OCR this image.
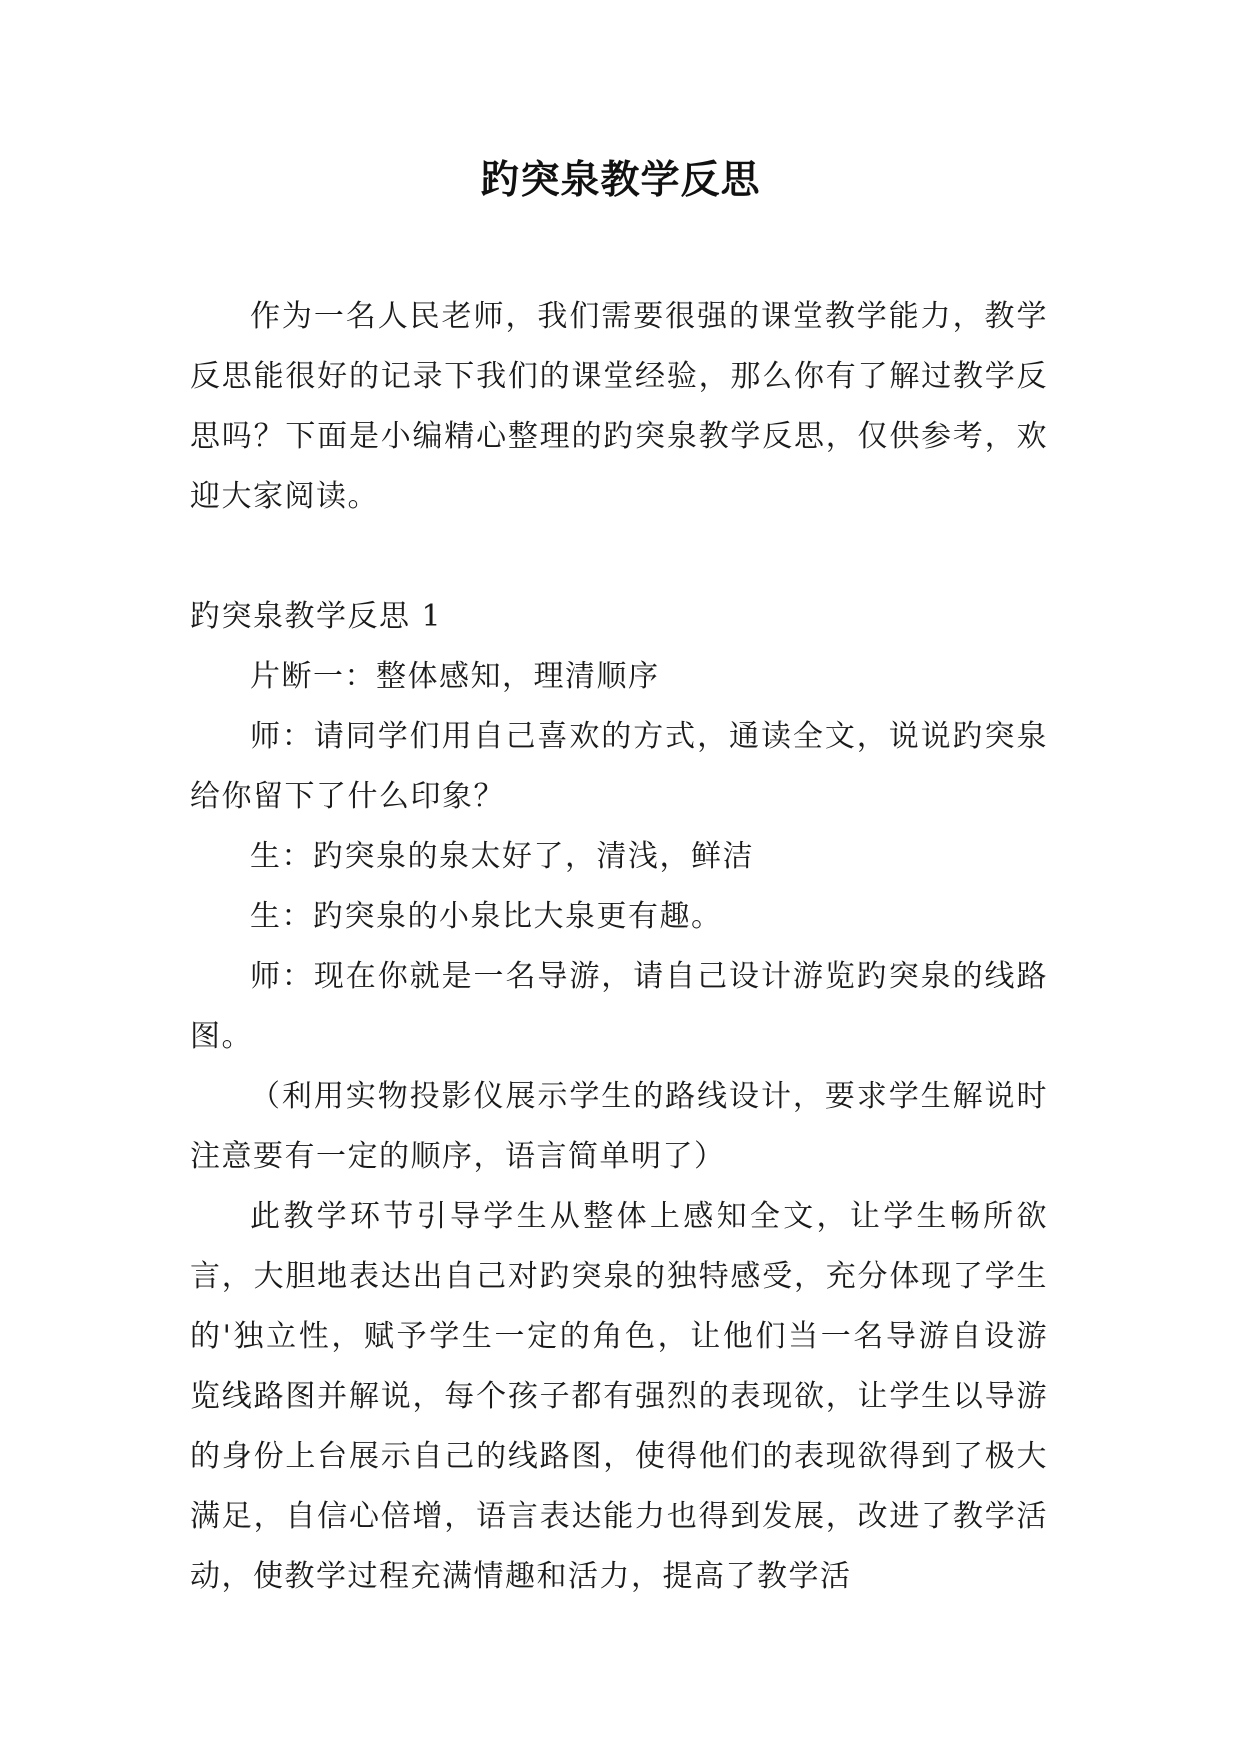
趵突泉教学反思

作为一名人民老师，我们需要很强的课堂教学能力，教学反思能很好的记录下我们的课堂经验，那么你有了解过教学反思吗？下面是小编精心整理的趵突泉教学反思，仅供参考，欢迎大家阅读。

趵突泉教学反思 1

片断一：整体感知，理清顺序

师：请同学们用自己喜欢的方式，通读全文，说说趵突泉给你留下了什么印象？

生：趵突泉的泉太好了，清浅，鲜洁

生：趵突泉的小泉比大泉更有趣。

师：现在你就是一名导游，请自己设计游览趵突泉的线路图。

（利用实物投影仪展示学生的路线设计，要求学生解说时注意要有一定的顺序，语言简单明了）

此教学环节引导学生从整体上感知全文，让学生畅所欲言，大胆地表达出自己对趵突泉的独特感受，充分体现了学生的'独立性，赋予学生一定的角色，让他们当一名导游自设游览线路图并解说，每个孩子都有强烈的表现欲，让学生以导游的身份上台展示自己的线路图，使得他们的表现欲得到了极大满足，自信心倍增，语言表达能力也得到发展，改进了教学活动，使教学过程充满情趣和活力，提高了教学活
